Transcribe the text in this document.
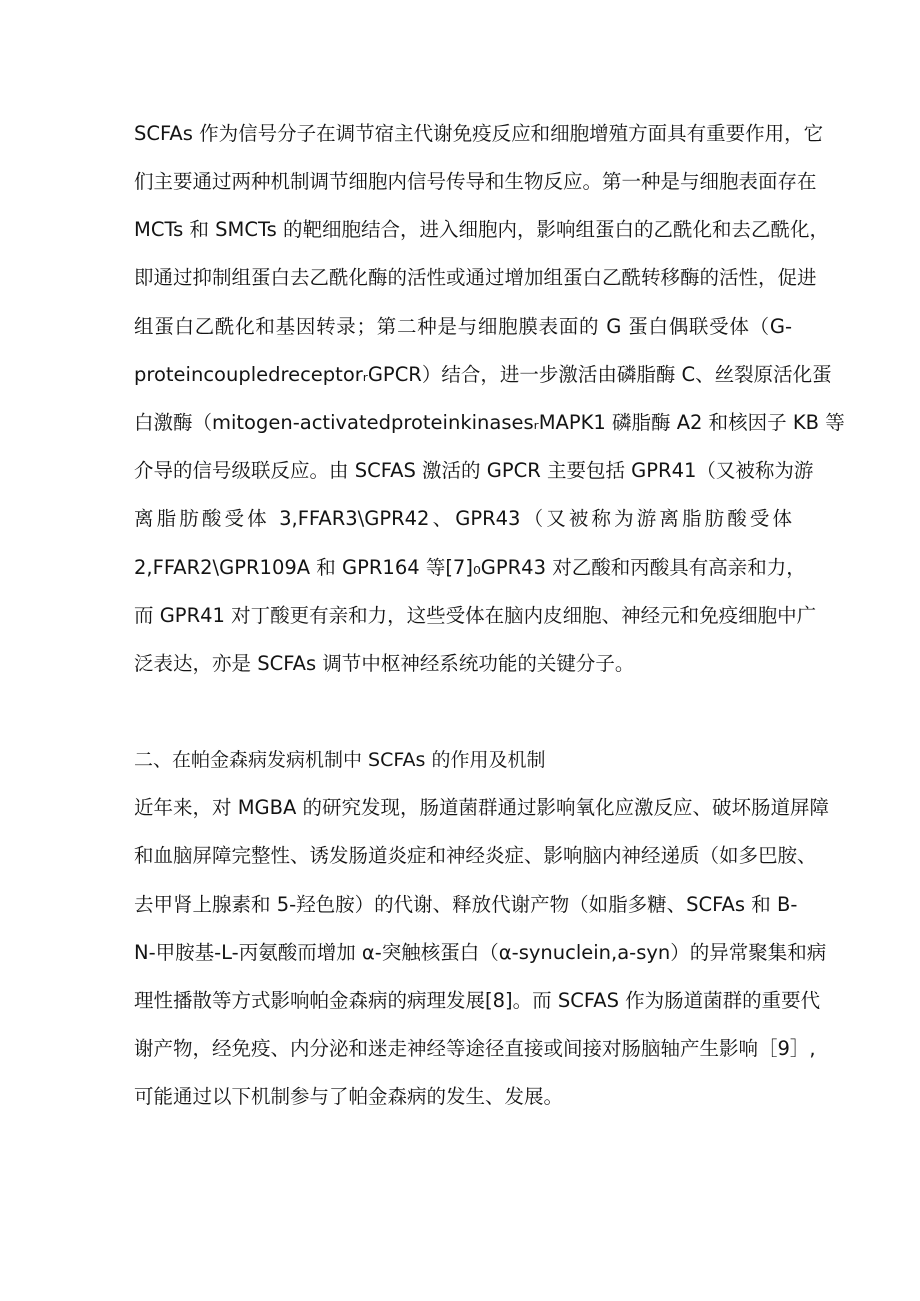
SCFAs 作为信号分子在调节宿主代谢免疫反应和细胞增殖方面具有重要作用，它
们主要通过两种机制调节细胞内信号传导和生物反应。第一种是与细胞表面存在
MCTs 和 SMCTs 的靶细胞结合，进入细胞内，影响组蛋白的乙酰化和去乙酰化，
即通过抑制组蛋白去乙酰化酶的活性或通过增加组蛋白乙酰转移酶的活性，促进
组蛋白乙酰化和基因转录；第二种是与细胞膜表面的 G 蛋白偶联受体（G-
proteincoupledreceptorᵣGPCR）结合，进一步激活由磷脂酶 C、丝裂原活化蛋
白激酶（mitogen-activatedproteinkinasesᵣMAPK1 磷脂酶 A2 和核因子 KB 等
介导的信号级联反应。由 SCFAS 激活的 GPCR 主要包括 GPR41（又被称为游
离脂肪酸受体 3,FFAR3\GPR42、GPR43（又被称为游离脂肪酸受体
2,FFAR2\GPR109A 和 GPR164 等[7]₀GPR43 对乙酸和丙酸具有高亲和力，
而 GPR41 对丁酸更有亲和力，这些受体在脑内皮细胞、神经元和免疫细胞中广
泛表达，亦是 SCFAs 调节中枢神经系统功能的关键分子。
二、在帕金森病发病机制中 SCFAs 的作用及机制
近年来，对 MGBA 的研究发现，肠道菌群通过影响氧化应激反应、破坏肠道屏障
和血脑屏障完整性、诱发肠道炎症和神经炎症、影响脑内神经递质（如多巴胺、
去甲肾上腺素和 5-羟色胺）的代谢、释放代谢产物（如脂多糖、SCFAs 和 B-
N-甲胺基-L-丙氨酸而增加 α-突触核蛋白（α-synuclein,a-syn）的异常聚集和病
理性播散等方式影响帕金森病的病理发展[8]。而 SCFAS 作为肠道菌群的重要代
谢产物，经免疫、内分泌和迷走神经等途径直接或间接对肠脑轴产生影响［9］,
可能通过以下机制参与了帕金森病的发生、发展。
